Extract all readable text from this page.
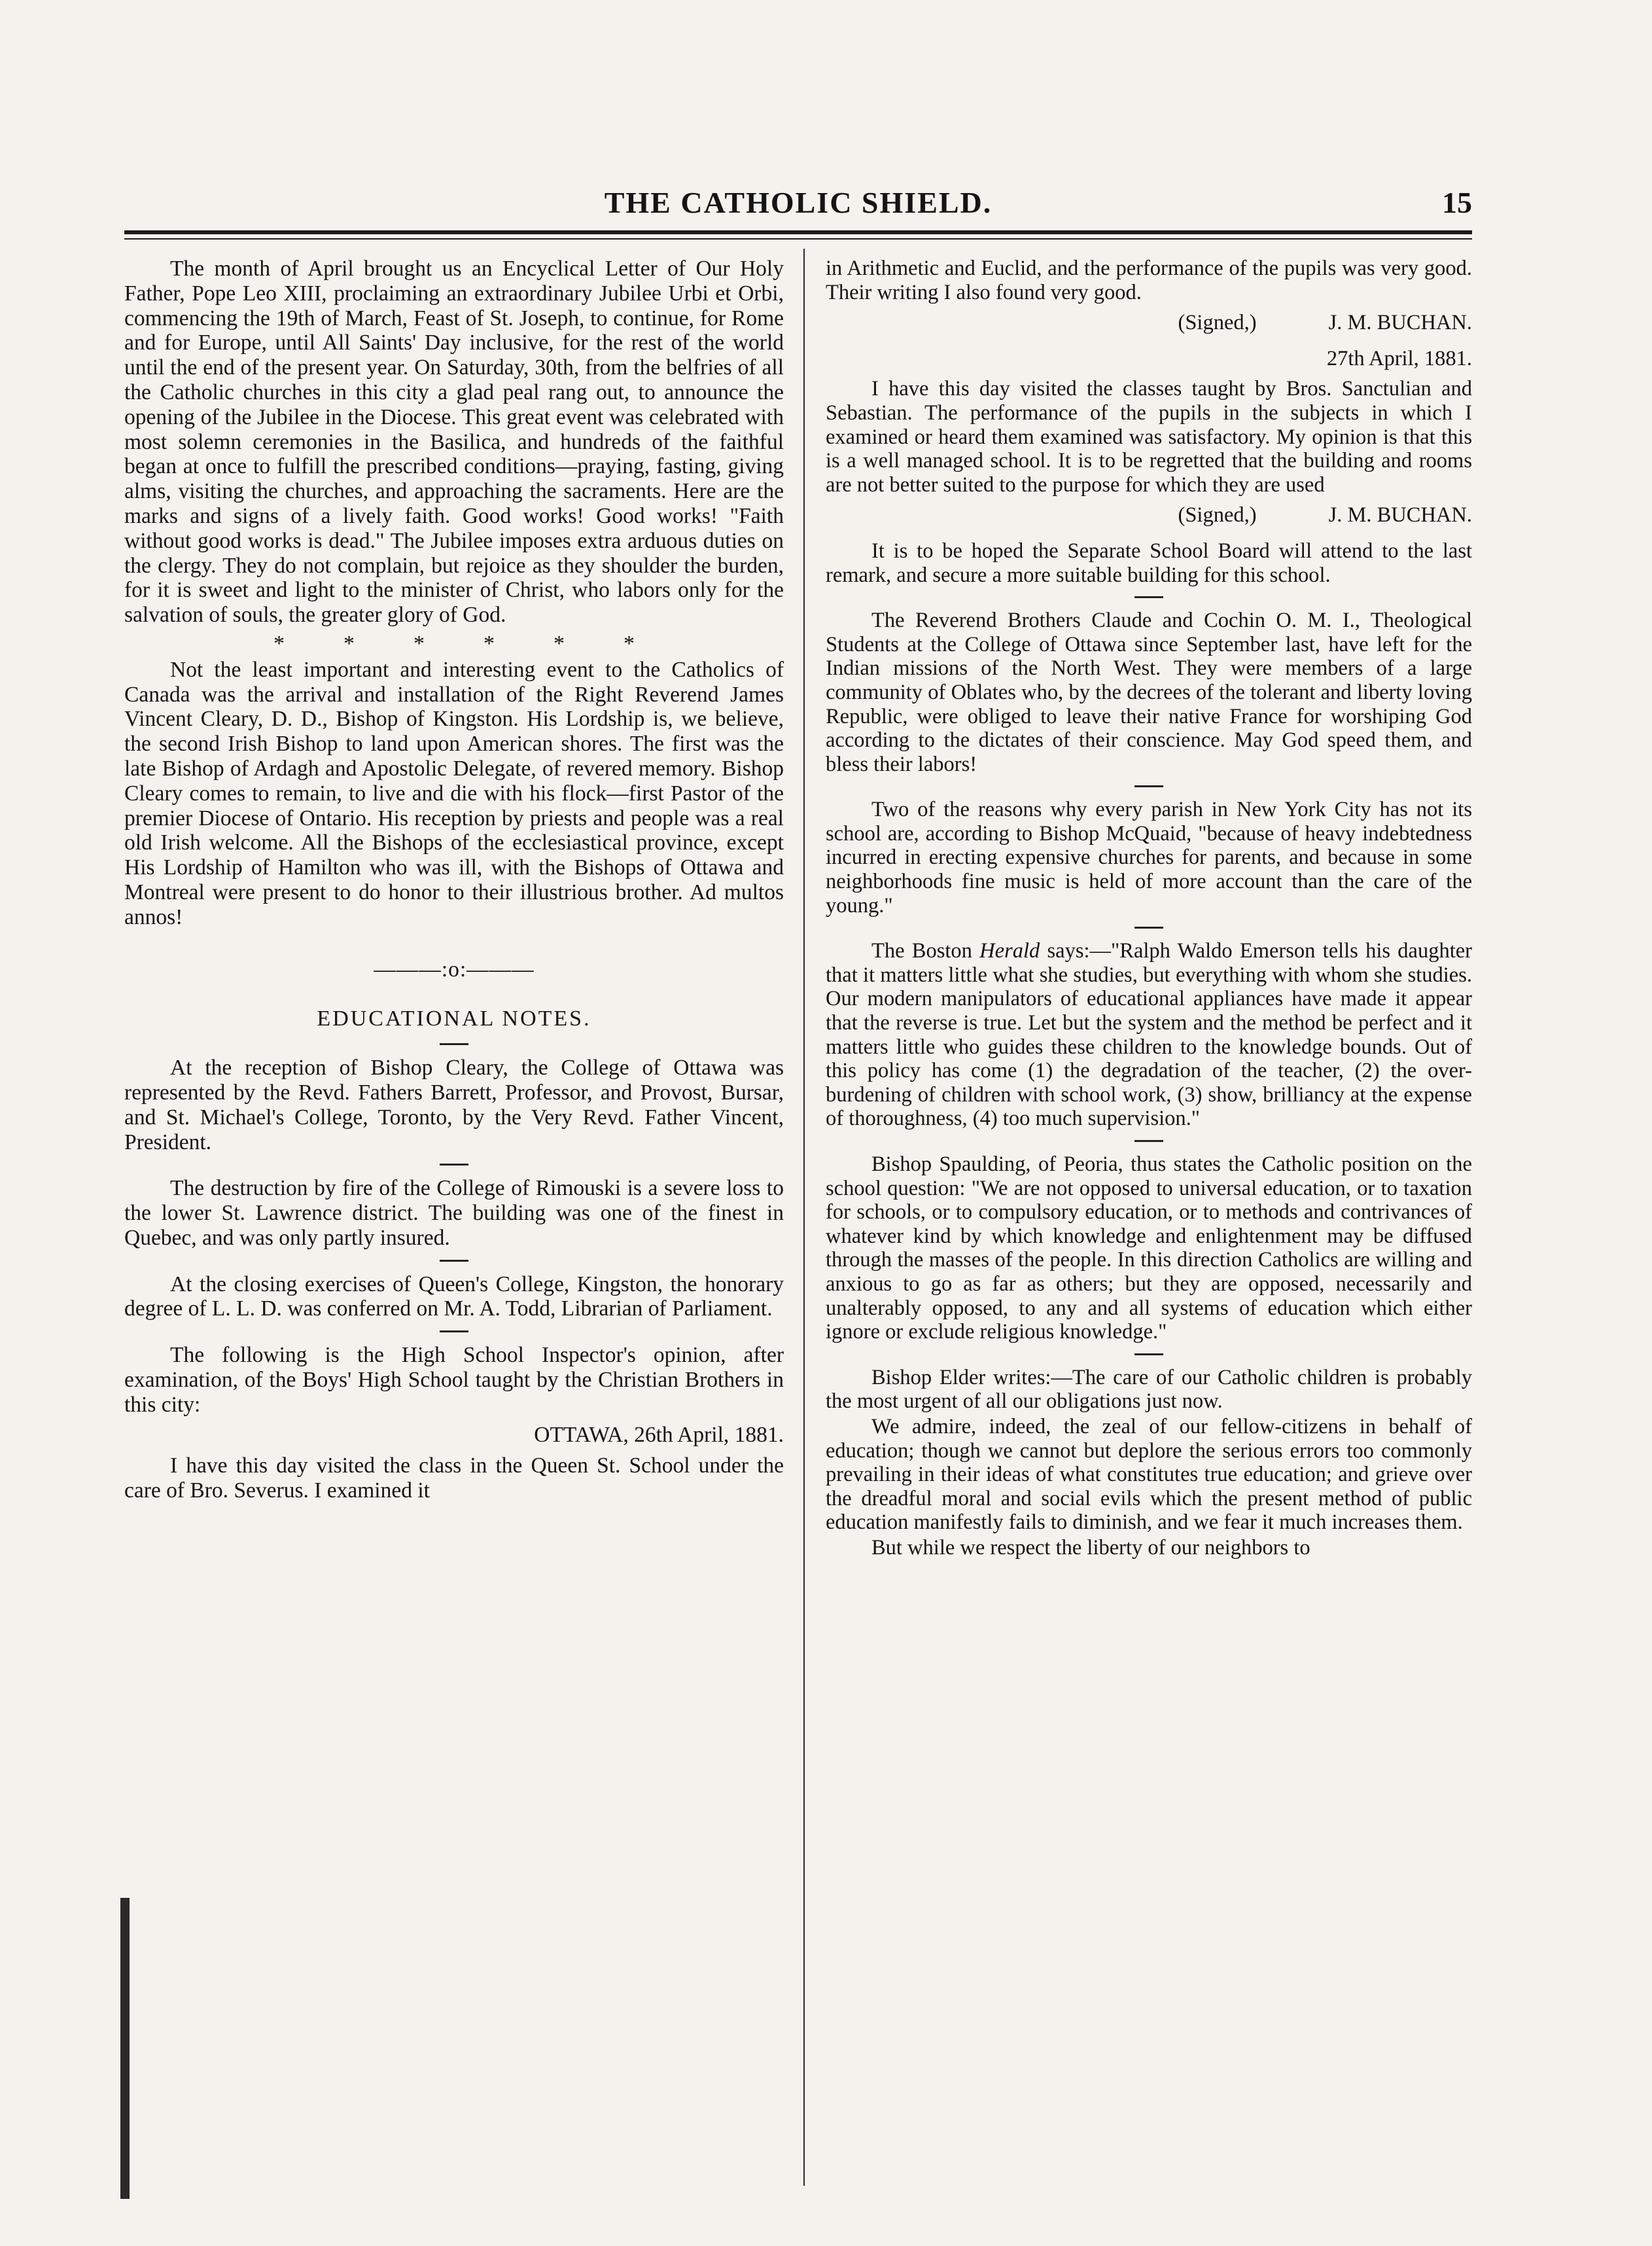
THE CATHOLIC SHIELD.	15

The month of April brought us an Encyclical Letter of Our Holy Father, Pope Leo XIII, proclaiming an extraordinary Jubilee Urbi et Orbi, commencing the 19th of March, Feast of St. Joseph, to continue, for Rome and for Europe, until All Saints' Day inclusive, for the rest of the world until the end of the present year. On Saturday, 30th, from the belfries of all the Catholic churches in this city a glad peal rang out, to announce the opening of the Jubilee in the Diocese. This great event was celebrated with most solemn ceremonies in the Basilica, and hundreds of the faithful began at once to fulfill the prescribed conditions—praying, fasting, giving alms, visiting the churches, and approaching the sacraments. Here are the marks and signs of a lively faith. Good works! Good works! "Faith without good works is dead." The Jubilee imposes extra arduous duties on the clergy. They do not complain, but rejoice as they shoulder the burden, for it is sweet and light to the minister of Christ, who labors only for the salvation of souls, the greater glory of God.

*	*	*	*	*	*

Not the least important and interesting event to the Catholics of Canada was the arrival and installation of the Right Reverend James Vincent Cleary, D. D., Bishop of Kingston. His Lordship is, we believe, the second Irish Bishop to land upon American shores. The first was the late Bishop of Ardagh and Apostolic Delegate, of revered memory. Bishop Cleary comes to remain, to live and die with his flock—first Pastor of the premier Diocese of Ontario. His reception by priests and people was a real old Irish welcome. All the Bishops of the ecclesiastical province, except His Lordship of Hamilton who was ill, with the Bishops of Ottawa and Montreal were present to do honor to their illustrious brother. Ad multos annos!

———:o:———
EDUCATIONAL NOTES.

At the reception of Bishop Cleary, the College of Ottawa was represented by the Revd. Fathers Barrett, Professor, and Provost, Bursar, and St. Michael's College, Toronto, by the Very Revd. Father Vincent, President.

The destruction by fire of the College of Rimouski is a severe loss to the lower St. Lawrence district. The building was one of the finest in Quebec, and was only partly insured.

At the closing exercises of Queen's College, Kingston, the honorary degree of L. L. D. was conferred on Mr. A. Todd, Librarian of Parliament.

The following is the High School Inspector's opinion, after examination, of the Boys' High School taught by the Christian Brothers in this city:

OTTAWA, 26th April, 1881.

I have this day visited the class in the Queen St. School under the care of Bro. Severus. I examined it

in Arithmetic and Euclid, and the performance of the pupils was very good. Their writing I also found very good.

(Signed,)	J. M. BUCHAN.
27th April, 1881.

I have this day visited the classes taught by Bros. Sanctulian and Sebastian. The performance of the pupils in the subjects in which I examined or heard them examined was satisfactory. My opinion is that this is a well managed school. It is to be regretted that the building and rooms are not better suited to the purpose for which they are used

(Signed,)	J. M. BUCHAN.

It is to be hoped the Separate School Board will attend to the last remark, and secure a more suitable building for this school.

The Reverend Brothers Claude and Cochin O. M. I., Theological Students at the College of Ottawa since September last, have left for the Indian missions of the North West. They were members of a large community of Oblates who, by the decrees of the tolerant and liberty loving Republic, were obliged to leave their native France for worshiping God according to the dictates of their conscience. May God speed them, and bless their labors!

Two of the reasons why every parish in New York City has not its school are, according to Bishop McQuaid, "because of heavy indebtedness incurred in erecting expensive churches for parents, and because in some neighborhoods fine music is held of more account than the care of the young."

The Boston Herald says:—"Ralph Waldo Emerson tells his daughter that it matters little what she studies, but everything with whom she studies. Our modern manipulators of educational appliances have made it appear that the reverse is true. Let but the system and the method be perfect and it matters little who guides these children to the knowledge bounds. Out of this policy has come (1) the degradation of the teacher, (2) the over-burdening of children with school work, (3) show, brilliancy at the expense of thoroughness, (4) too much supervision."

Bishop Spaulding, of Peoria, thus states the Catholic position on the school question: "We are not opposed to universal education, or to taxation for schools, or to compulsory education, or to methods and contrivances of whatever kind by which knowledge and enlightenment may be diffused through the masses of the people. In this direction Catholics are willing and anxious to go as far as others; but they are opposed, necessarily and unalterably opposed, to any and all systems of education which either ignore or exclude religious knowledge."

Bishop Elder writes:—The care of our Catholic children is probably the most urgent of all our obligations just now.

We admire, indeed, the zeal of our fellow-citizens in behalf of education; though we cannot but deplore the serious errors too commonly prevailing in their ideas of what constitutes true education; and grieve over the dreadful moral and social evils which the present method of public education manifestly fails to diminish, and we fear it much increases them.

But while we respect the liberty of our neighbors to
